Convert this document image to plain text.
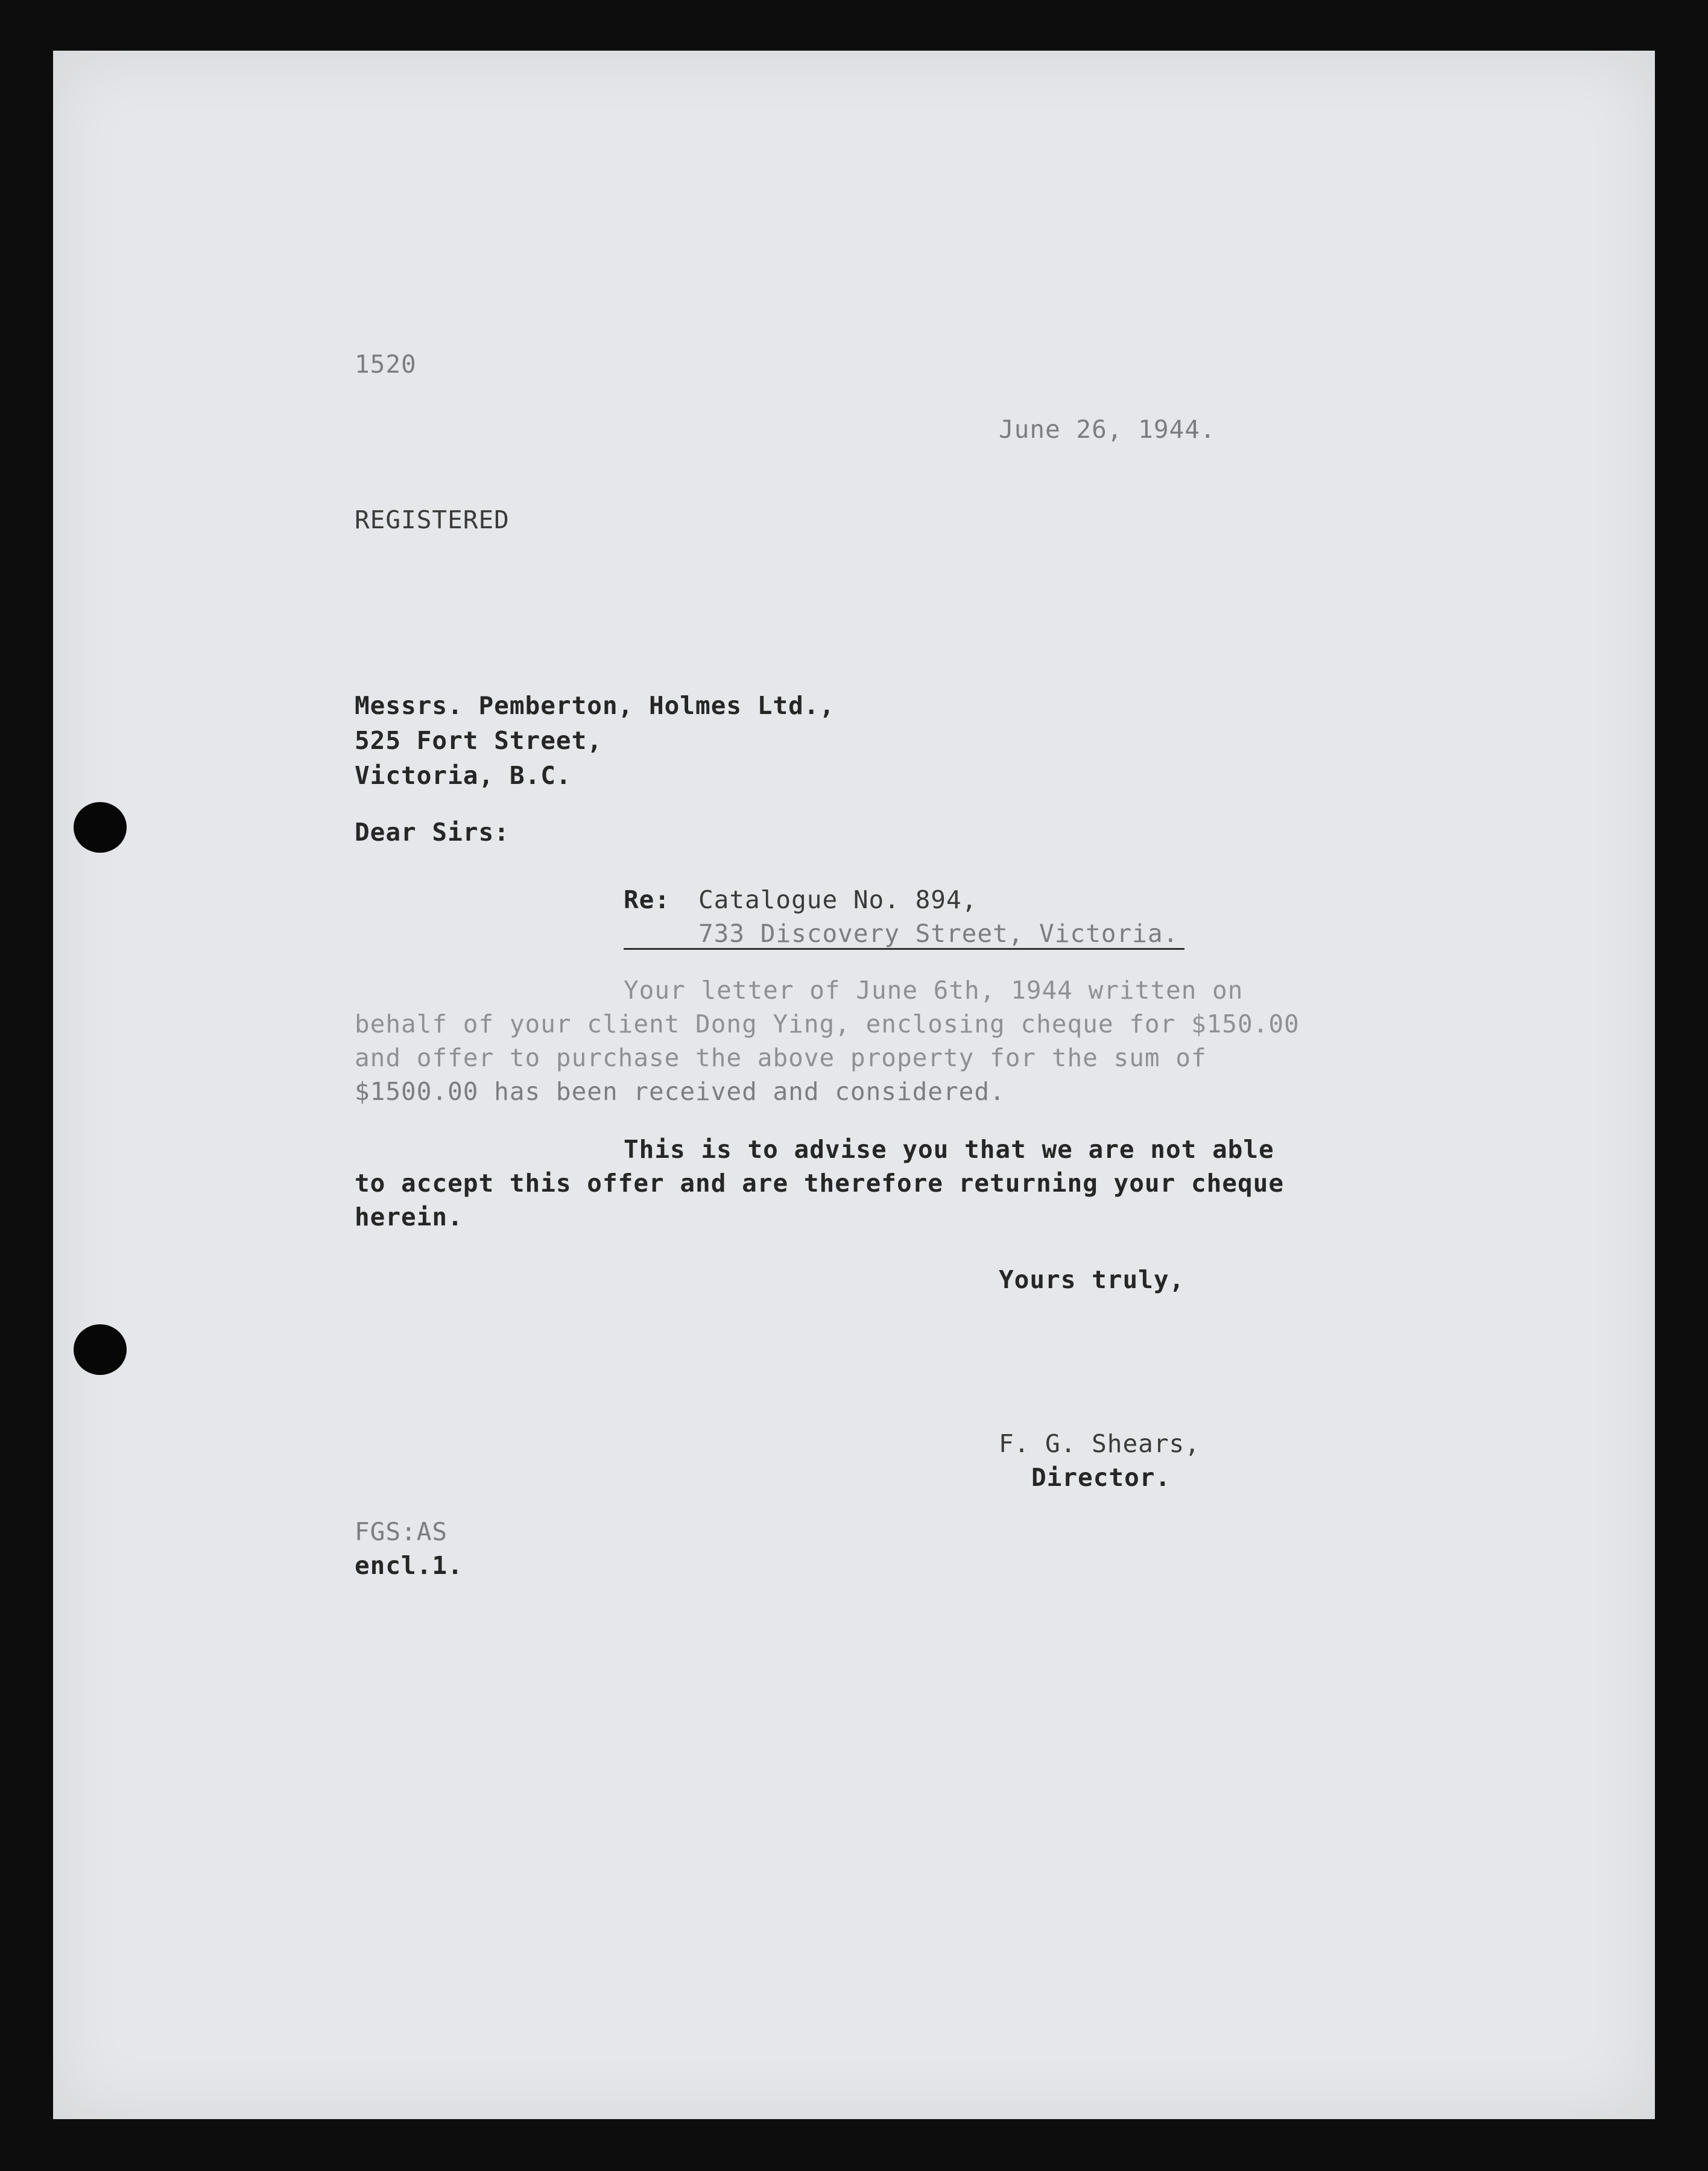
1520
June 26, 1944.
REGISTERED
Messrs. Pemberton, Holmes Ltd.,
525 Fort Street,
Victoria, B.C.
Dear Sirs:
Re: Catalogue No. 894,
733 Discovery Street, Victoria.
Your letter of June 6th, 1944 written on
behalf of your client Dong Ying, enclosing cheque for $150.00
and offer to purchase the above property for the sum of
$1500.00 has been received and considered.
This is to advise you that we are not able
to accept this offer and are therefore returning your cheque
herein.
Yours truly,
F. G. Shears,
Director.
FGS:AS
encl.1.
